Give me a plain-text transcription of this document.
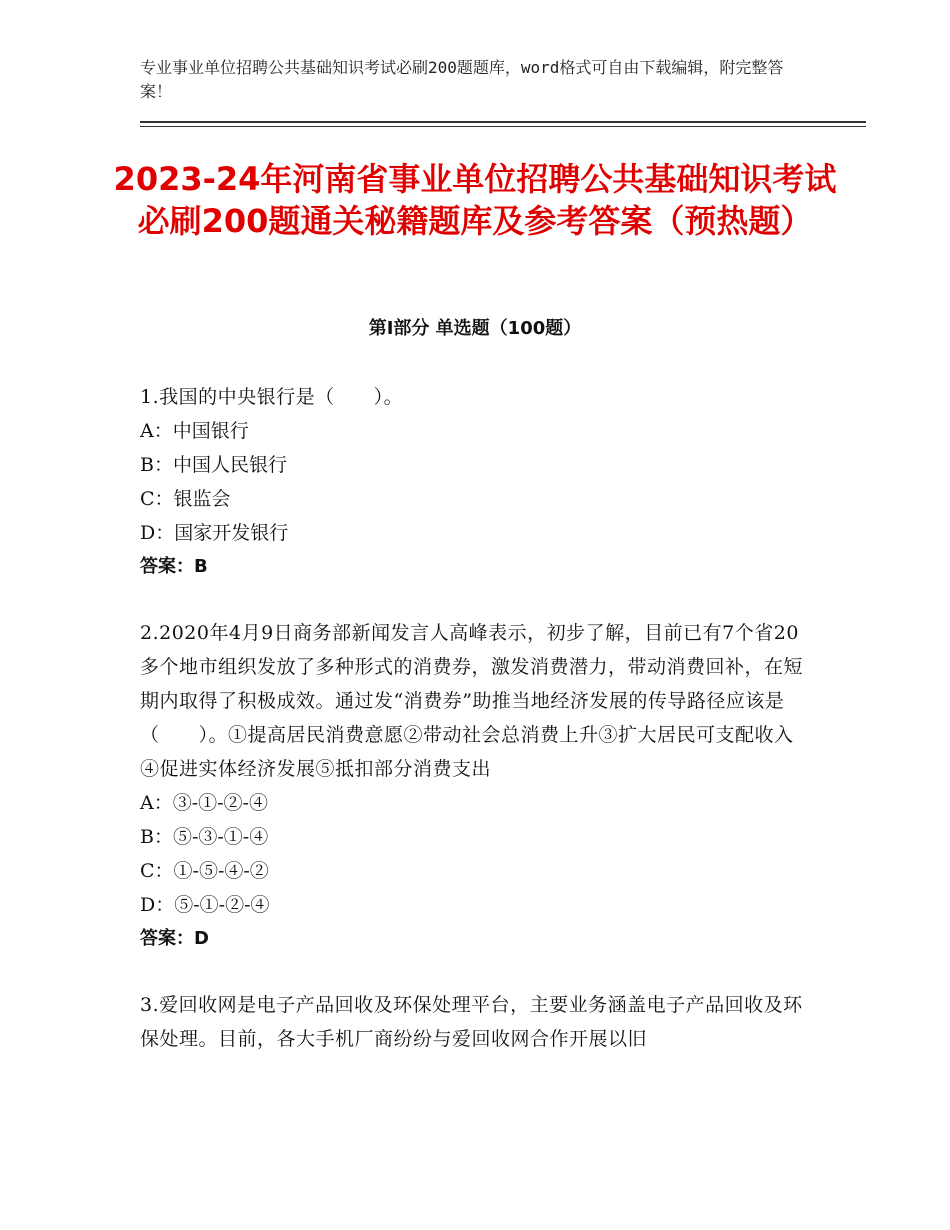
专业事业单位招聘公共基础知识考试必刷200题题库，word格式可自由下载编辑，附完整答案！
2023-24年河南省事业单位招聘公共基础知识考试必刷200题通关秘籍题库及参考答案（预热题）
第Ⅰ部分 单选题（100题）

1.我国的中央银行是（　　）。

A：中国银行

B：中国人民银行

C：银监会

D：国家开发银行

答案：B

2.2020年4月9日商务部新闻发言人高峰表示，初步了解，目前已有7个省20多个地市组织发放了多种形式的消费券，激发消费潜力，带动消费回补，在短期内取得了积极成效。通过发“消费券”助推当地经济发展的传导路径应该是（　　）。①提高居民消费意愿②带动社会总消费上升③扩大居民可支配收入④促进实体经济发展⑤抵扣部分消费支出

A：③-①-②-④

B：⑤-③-①-④

C：①-⑤-④-②

D：⑤-①-②-④

答案：D

3.爱回收网是电子产品回收及环保处理平台，主要业务涵盖电子产品回收及环保处理。目前，各大手机厂商纷纷与爱回收网合作开展以旧
